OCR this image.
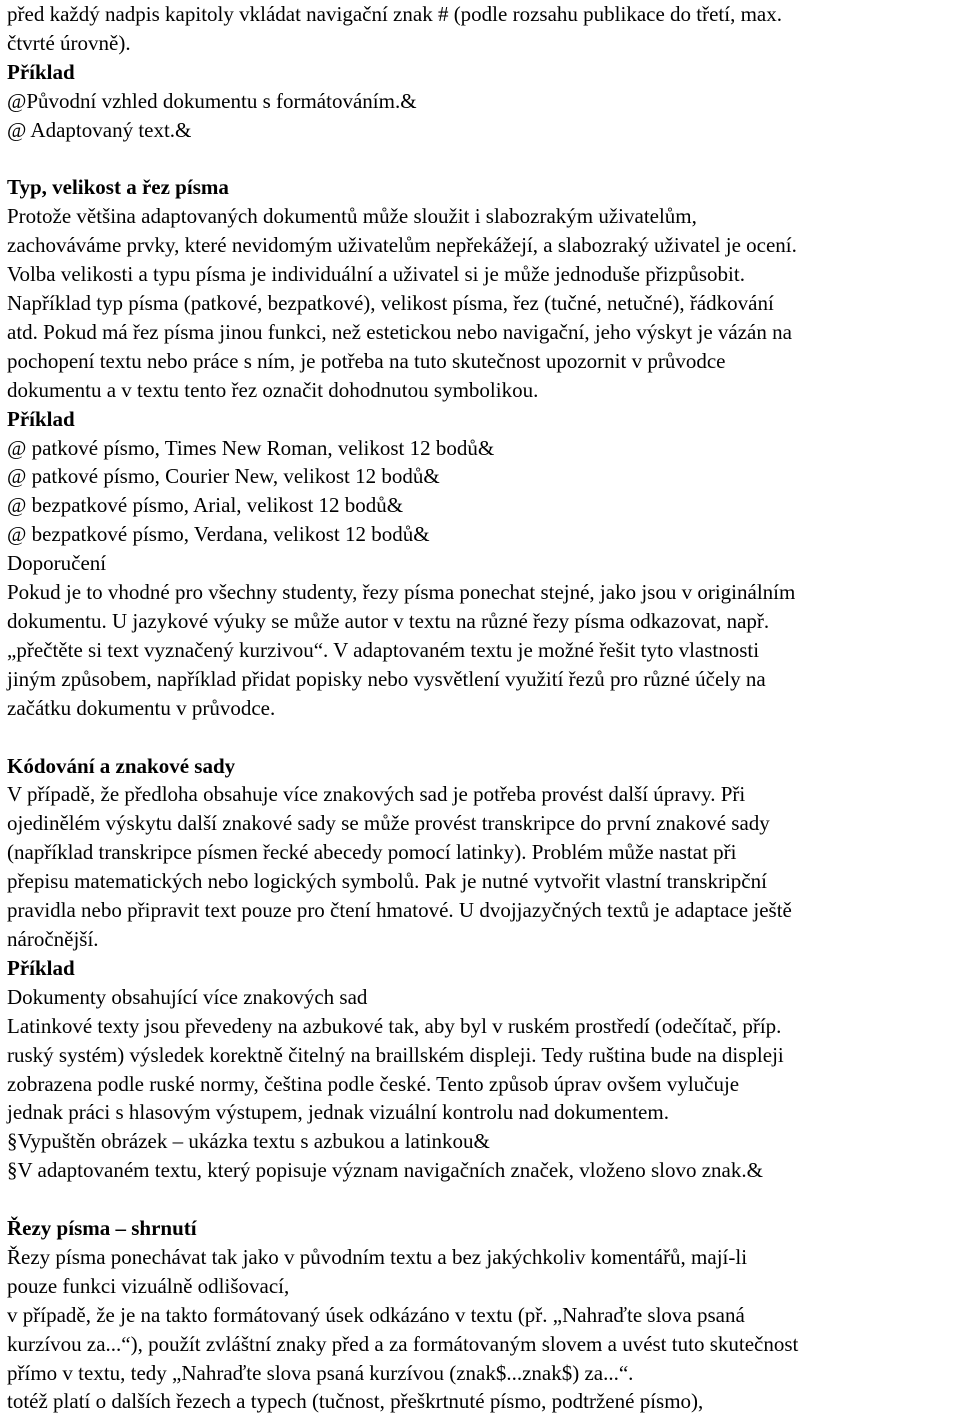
před každý nadpis kapitoly vkládat navigační znak # (podle rozsahu publikace do třetí, max.
čtvrté úrovně).
Příklad
@Původní vzhled dokumentu s formátováním.&
@ Adaptovaný text.&
Typ, velikost a řez písma
Protože většina adaptovaných dokumentů může sloužit i slabozrakým uživatelům,
zachováváme prvky, které nevidomým uživatelům nepřekážejí, a slabozraký uživatel je ocení.
Volba velikosti a typu písma je individuální a uživatel si je může jednoduše přizpůsobit.
Například typ písma (patkové, bezpatkové), velikost písma, řez (tučné, netučné), řádkování
atd. Pokud má řez písma jinou funkci, než estetickou nebo navigační, jeho výskyt je vázán na
pochopení textu nebo práce s ním, je potřeba na tuto skutečnost upozornit v průvodce
dokumentu a v textu tento řez označit dohodnutou symbolikou.
Příklad
@ patkové písmo, Times New Roman, velikost 12 bodů&
@ patkové písmo, Courier New, velikost 12 bodů&
@ bezpatkové písmo, Arial, velikost 12 bodů&
@ bezpatkové písmo, Verdana, velikost 12 bodů&
Doporučení
Pokud je to vhodné pro všechny studenty, řezy písma ponechat stejné, jako jsou v originálním
dokumentu. U jazykové výuky se může autor v textu na různé řezy písma odkazovat, např.
„přečtěte si text vyznačený kurzivou“. V adaptovaném textu je možné řešit tyto vlastnosti
jiným způsobem, například přidat popisky nebo vysvětlení využití řezů pro různé účely na
začátku dokumentu v průvodce.
Kódování a znakové sady
V případě, že předloha obsahuje více znakových sad je potřeba provést další úpravy. Při
ojedinělém výskytu další znakové sady se může provést transkripce do první znakové sady
(například transkripce písmen řecké abecedy pomocí latinky). Problém může nastat při
přepisu matematických nebo logických symbolů. Pak je nutné vytvořit vlastní transkripční
pravidla nebo připravit text pouze pro čtení hmatové. U dvojjazyčných textů je adaptace ještě
náročnější.
Příklad
Dokumenty obsahující více znakových sad
Latinkové texty jsou převedeny na azbukové tak, aby byl v ruském prostředí (odečítač, příp.
ruský systém) výsledek korektně čitelný na braillském displeji. Tedy ruština bude na displeji
zobrazena podle ruské normy, čeština podle české. Tento způsob úprav ovšem vylučuje
jednak práci s hlasovým výstupem, jednak vizuální kontrolu nad dokumentem.
§Vypuštěn obrázek – ukázka textu s azbukou a latinkou&
§V adaptovaném textu, který popisuje význam navigačních značek, vloženo slovo znak.&
Řezy písma – shrnutí
Řezy písma ponechávat tak jako v původním textu a bez jakýchkoliv komentářů, mají-li
pouze funkci vizuálně odlišovací,
v případě, že je na takto formátovaný úsek odkázáno v textu (př. „Nahraďte slova psaná
kurzívou za...“), použít zvláštní znaky před a za formátovaným slovem a uvést tuto skutečnost
přímo v textu, tedy „Nahraďte slova psaná kurzívou (znak$...znak$) za...“.
totéž platí o dalších řezech a typech (tučnost, přeškrtnuté písmo, podtržené písmo),
